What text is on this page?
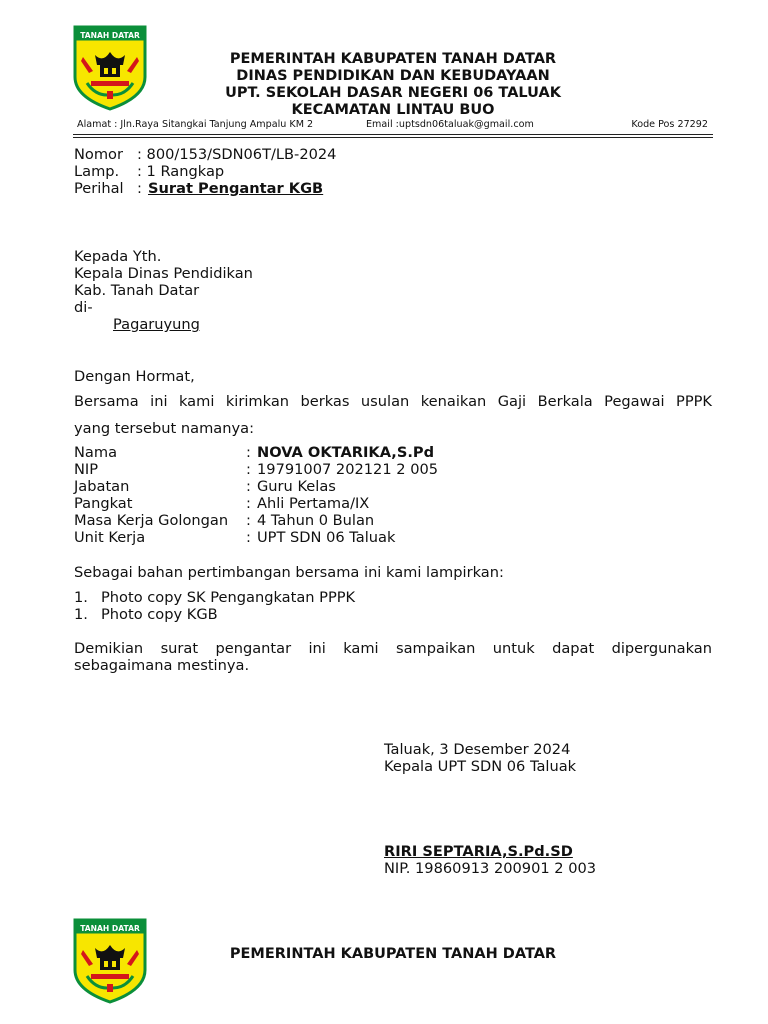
TANAH DATAR
PEMERINTAH KABUPATEN TANAH DATAR
DINAS PENDIDIKAN DAN KEBUDAYAAN
UPT. SEKOLAH DASAR NEGERI 06 TALUAK
KECAMATAN LINTAU BUO
Alamat : Jln.Raya Sitangkai Tanjung Ampalu KM 2	Email :uptsdn06taluak@gmail.com	Kode Pos 27292
Nomor : 800/153/SDN06T/LB-2024
Lamp. : 1 Rangkap
Perihal : Surat Pengantar KGB
Kepada Yth.
Kepala Dinas Pendidikan
Kab. Tanah Datar
di-
Pagaruyung
Dengan Hormat,
Bersama ini kami kirimkan berkas usulan kenaikan Gaji Berkala Pegawai PPPK
yang tersebut namanya:
Nama	: NOVA OKTARIKA,S.Pd
NIP	: 19791007 202121 2 005
Jabatan	: Guru Kelas
Pangkat	: Ahli Pertama/IX
Masa Kerja Golongan : 4 Tahun 0 Bulan
Unit Kerja	: UPT SDN 06 Taluak
Sebagai bahan pertimbangan bersama ini kami lampirkan:
1. Photo copy SK Pengangkatan PPPK
1. Photo copy KGB
Demikian surat pengantar ini kami sampaikan untuk dapat dipergunakan
sebagaimana mestinya.
Taluak, 3 Desember 2024
Kepala UPT SDN 06 Taluak
RIRI SEPTARIA,S.Pd.SD
NIP. 19860913 200901 2 003
TANAH DATAR
PEMERINTAH KABUPATEN TANAH DATAR
